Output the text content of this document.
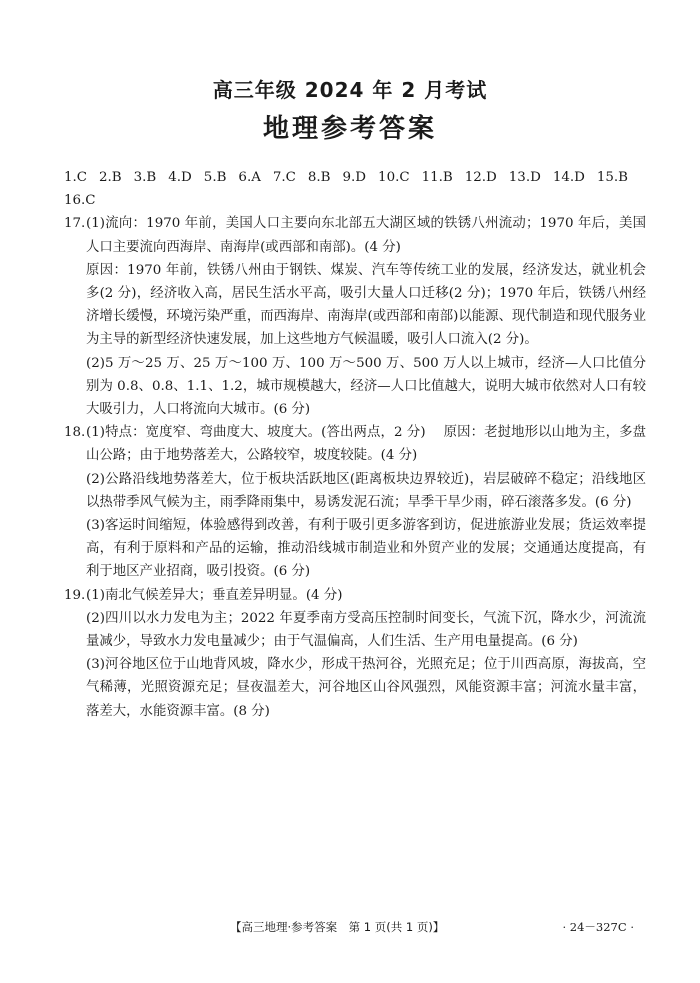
高三年级 2024 年 2 月考试
地理参考答案
1.C 2.B 3.B 4.D 5.B 6.A 7.C 8.B 9.D 10.C 11.B 12.D 13.D 14.D 15.B
16.C
17. (1)流向：1970 年前，美国人口主要向东北部五大湖区域的铁锈八州流动；1970 年后，美国人口主要流向西海岸、南海岸(或西部和南部)。(4 分)

原因：1970 年前，铁锈八州由于钢铁、煤炭、汽车等传统工业的发展，经济发达，就业机会多(2 分)，经济收入高，居民生活水平高，吸引大量人口迁移(2 分)；1970 年后，铁锈八州经济增长缓慢，环境污染严重，而西海岸、南海岸(或西部和南部)以能源、现代制造和现代服务业为主导的新型经济快速发展，加上这些地方气候温暖，吸引人口流入(2 分)。

(2)5 万～25 万、25 万～100 万、100 万～500 万、500 万人以上城市，经济—人口比值分别为 0.8、0.8、1.1、1.2，城市规模越大，经济—人口比值越大，说明大城市依然对人口有较大吸引力，人口将流向大城市。(6 分)

18. (1)特点：宽度窄、弯曲度大、坡度大。(答出两点，2 分)　 原因：老挝地形以山地为主，多盘山公路；由于地势落差大，公路较窄，坡度较陡。(4 分)

(2)公路沿线地势落差大，位于板块活跃地区(距离板块边界较近)，岩层破碎不稳定；沿线地区以热带季风气候为主，雨季降雨集中，易诱发泥石流；旱季干旱少雨，碎石滚落多发。(6 分)

(3)客运时间缩短，体验感得到改善，有利于吸引更多游客到访，促进旅游业发展；货运效率提高，有利于原料和产品的运输，推动沿线城市制造业和外贸产业的发展；交通通达度提高，有利于地区产业招商，吸引投资。(6 分)

19. (1)南北气候差异大；垂直差异明显。(4 分)

(2)四川以水力发电为主；2022 年夏季南方受高压控制时间变长，气流下沉，降水少，河流流量减少，导致水力发电量减少；由于气温偏高，人们生活、生产用电量提高。(6 分)

(3)河谷地区位于山地背风坡，降水少，形成干热河谷，光照充足；位于川西高原，海拔高，空气稀薄，光照资源充足；昼夜温差大，河谷地区山谷风强烈，风能资源丰富；河流水量丰富，落差大，水能资源丰富。(8 分)

【高三地理·参考答案　第 1 页(共 1 页)】	· 24－327C ·
